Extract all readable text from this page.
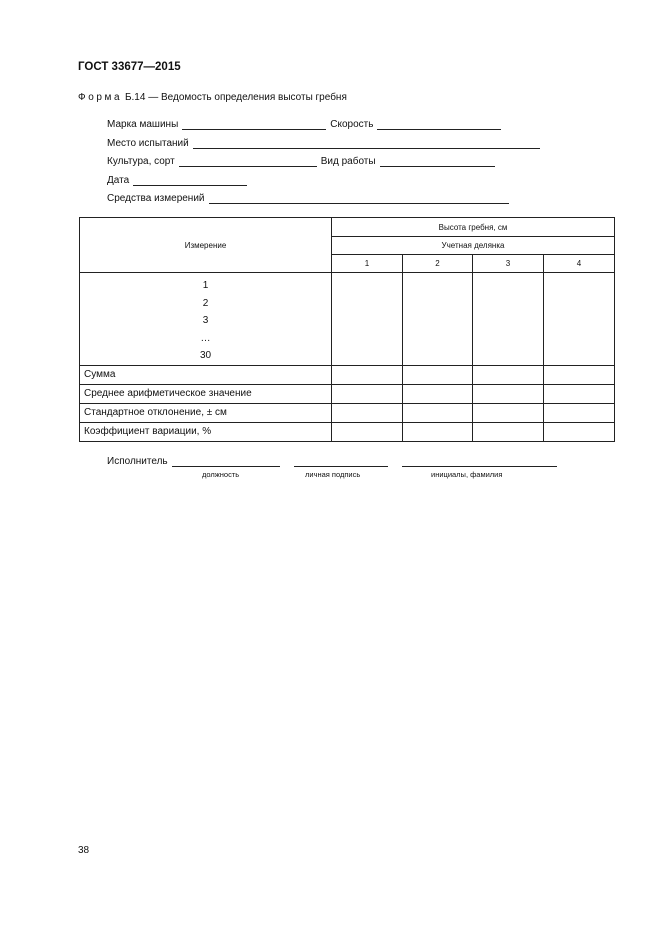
ГОСТ 33677—2015
Форма Б.14 — Ведомость определения высоты гребня
Марка машины	Скорость
Место испытаний
Культура, сорт	Вид работы
Дата
Средства измерений
Измерение	Высота гребня, см			
	Учетная делянка			
	1	2	3	4

1
2
3
…
30				

Сумма				
Среднее арифметическое значение				
Стандартное отклонение, ± см				
Коэффициент вариации, %				
Исполнитель
должность	личная подпись	инициалы, фамилия
38
